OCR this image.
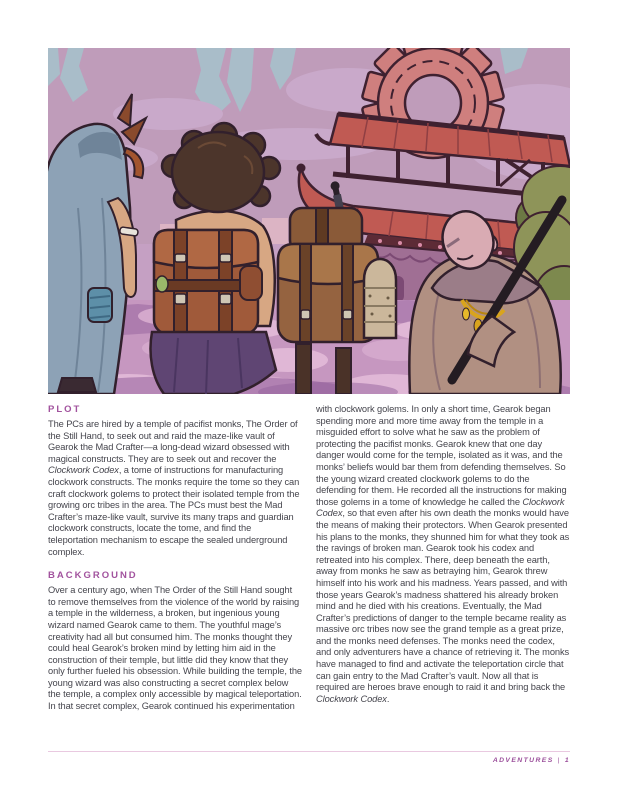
PLOT

The PCs are hired by a temple of pacifist monks, The Order of the Still Hand, to seek out and raid the maze-like vault of Gearok the Mad Crafter—a long-dead wizard obsessed with magical constructs. They are to seek out and recover the Clockwork Codex, a tome of instructions for manufacturing clockwork constructs. The monks require the tome so they can craft clockwork golems to protect their isolated temple from the growing orc tribes in the area. The PCs must best the Mad Crafter’s maze-like vault, survive its many traps and guardian clockwork constructs, locate the tome, and find the teleportation mechanism to escape the sealed underground complex.

BACKGROUND

Over a century ago, when The Order of the Still Hand sought to remove themselves from the violence of the world by raising a temple in the wilderness, a broken, but ingenious young wizard named Gearok came to them. The youthful mage’s creativity had all but consumed him. The monks thought they could heal Gearok’s broken mind by letting him aid in the construction of their temple, but little did they know that they only further fueled his obsession. While building the temple, the young wizard was also constructing a secret complex below the temple, a complex only accessible by magical teleportation. In that secret complex, Gearok continued his experimentation

with clockwork golems. In only a short time, Gearok began spending more and more time away from the temple in a misguided effort to solve what he saw as the problem of protecting the pacifist monks. Gearok knew that one day danger would come for the temple, isolated as it was, and the monks’ beliefs would bar them from defending themselves. So the young wizard created clockwork golems to do the defending for them. He recorded all the instructions for making those golems in a tome of knowledge he called the Clockwork Codex, so that even after his own death the monks would have the means of making their protectors. When Gearok presented his plans to the monks, they shunned him for what they took as the ravings of broken man. Gearok took his codex and retreated into his complex. There, deep beneath the earth, away from monks he saw as betraying him, Gearok threw himself into his work and his madness. Years passed, and with those years Gearok’s madness shattered his already broken mind and he died with his creations. Eventually, the Mad Crafter’s predictions of danger to the temple became reality as massive orc tribes now see the grand temple as a great prize, and the monks need defenses. The monks need the codex, and only adventurers have a chance of retrieving it. The monks have managed to find and activate the teleportation circle that can gain entry to the Mad Crafter’s vault. Now all that is required are heroes brave enough to raid it and bring back the Clockwork Codex.

ADVENTURES | 1
